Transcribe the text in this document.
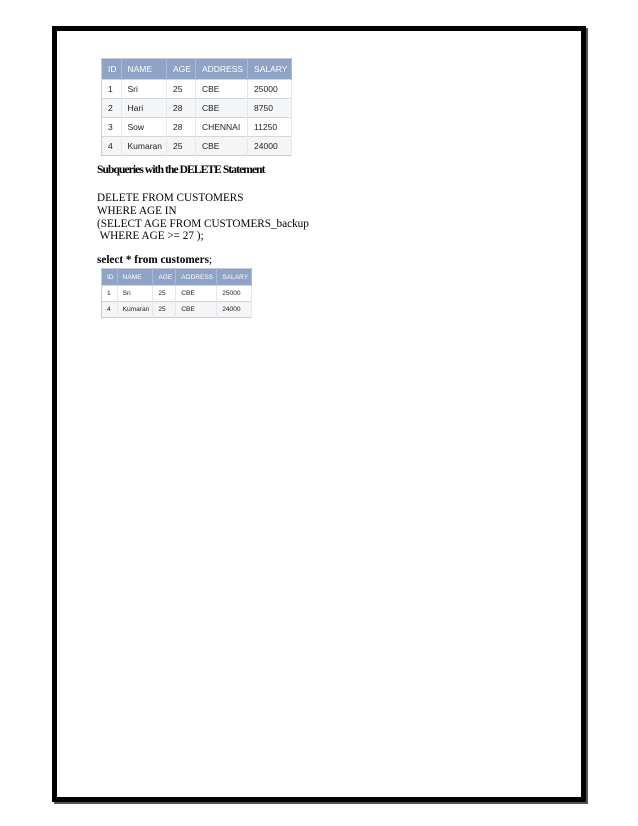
ID	NAME	AGE	ADDRESS	SALARY
1	Sri	25	CBE	25000
2	Hari	28	CBE	8750
3	Sow	28	CHENNAI	11250
4	Kumaran	25	CBE	24000
Subqueries with the DELETE Statement
DELETE FROM CUSTOMERS
WHERE AGE IN
(SELECT AGE FROM CUSTOMERS_backup
WHERE AGE >= 27 );
select * from customers;
ID	NAME	AGE	ADDRESS	SALARY
1	Sri	25	CBE	25000
4	Kumaran	25	CBE	24000
